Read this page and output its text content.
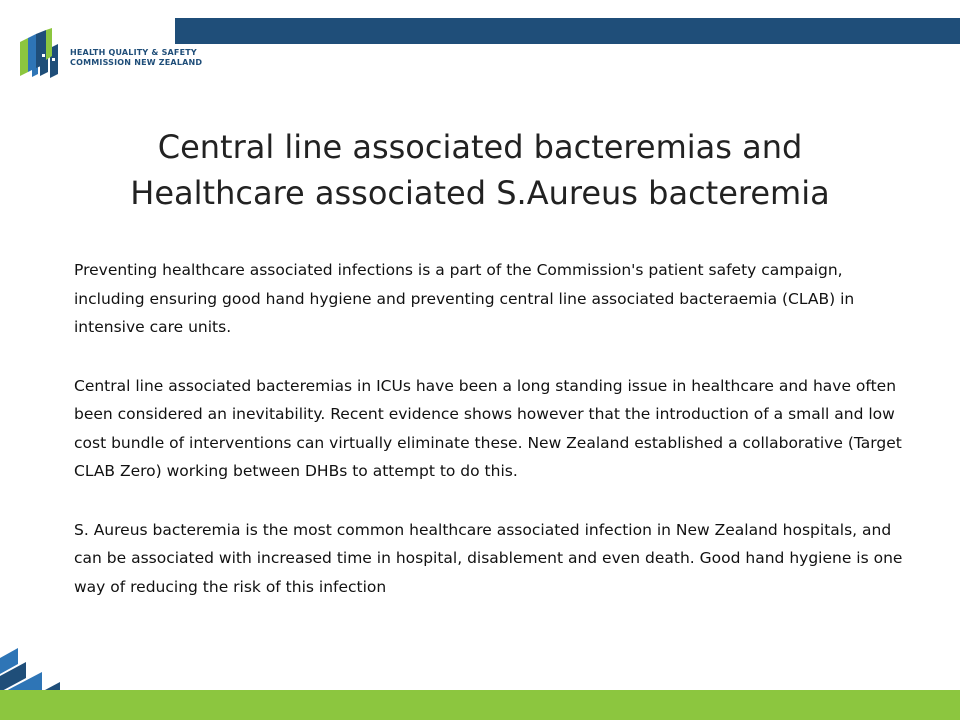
HEALTH QUALITY & SAFETY
COMMISSION NEW ZEALAND
Central line associated bacteremias and
Healthcare associated S.Aureus bacteremia

Preventing healthcare associated infections is a part of the Commission's patient safety campaign, including ensuring good hand hygiene and preventing central line associated bacteraemia (CLAB) in intensive care units.

Central line associated bacteremias in ICUs have been a long standing issue in healthcare and have often been considered an inevitability. Recent evidence shows however that the introduction of a small and low cost bundle of interventions can virtually eliminate these. New Zealand established a collaborative (Target CLAB Zero) working between DHBs to attempt to do this.

S. Aureus bacteremia is the most common healthcare associated infection in New Zealand hospitals, and can be associated with increased time in hospital, disablement and even death. Good hand hygiene is one way of reducing the risk of this infection
